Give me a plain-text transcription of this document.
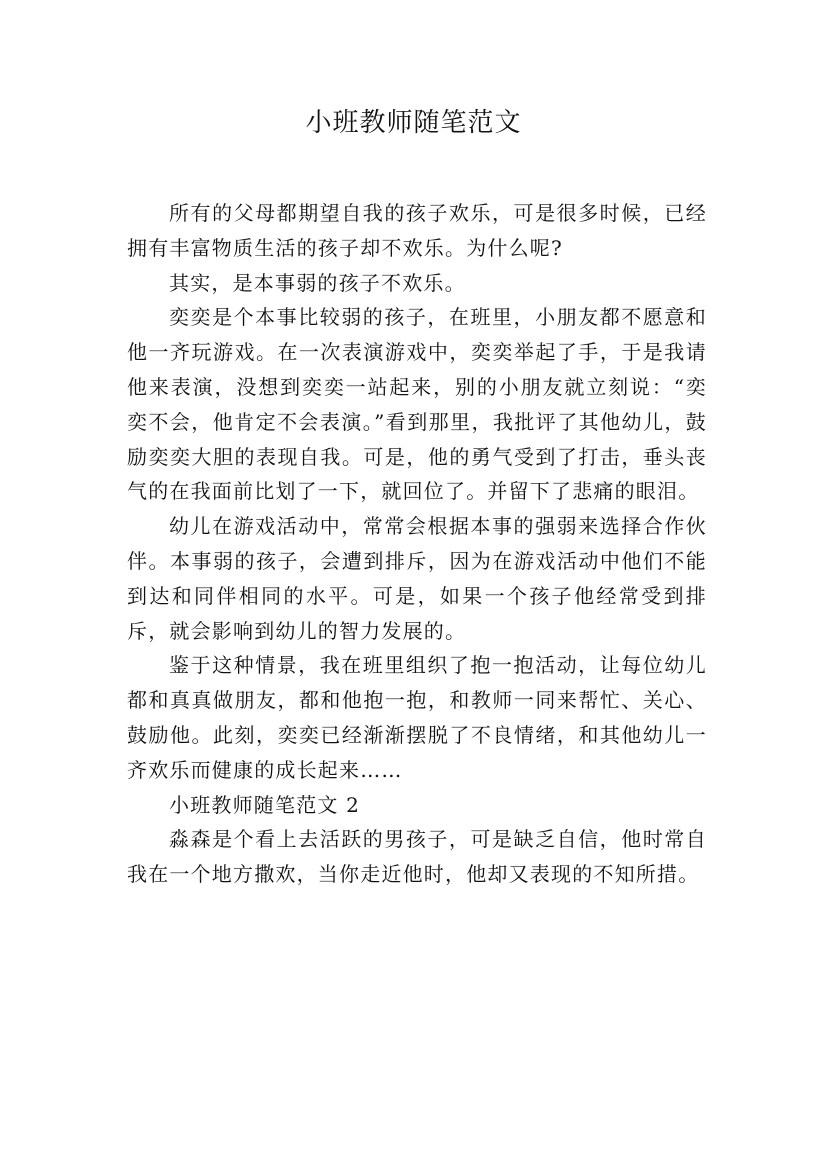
小班教师随笔范文

所有的父母都期望自我的孩子欢乐，可是很多时候，已经拥有丰富物质生活的孩子却不欢乐。为什么呢?

其实，是本事弱的孩子不欢乐。

奕奕是个本事比较弱的孩子，在班里，小朋友都不愿意和他一齐玩游戏。在一次表演游戏中，奕奕举起了手，于是我请他来表演，没想到奕奕一站起来，别的小朋友就立刻说：“奕奕不会，他肯定不会表演。”看到那里，我批评了其他幼儿，鼓励奕奕大胆的表现自我。可是，他的勇气受到了打击，垂头丧气的在我面前比划了一下，就回位了。并留下了悲痛的眼泪。

幼儿在游戏活动中，常常会根据本事的强弱来选择合作伙伴。本事弱的孩子，会遭到排斥，因为在游戏活动中他们不能到达和同伴相同的水平。可是，如果一个孩子他经常受到排斥，就会影响到幼儿的智力发展的。

鉴于这种情景，我在班里组织了抱一抱活动，让每位幼儿都和真真做朋友，都和他抱一抱，和教师一同来帮忙、关心、鼓励他。此刻，奕奕已经渐渐摆脱了不良情绪，和其他幼儿一齐欢乐而健康的成长起来……

小班教师随笔范文 2

淼森是个看上去活跃的男孩子，可是缺乏自信，他时常自我在一个地方撒欢，当你走近他时，他却又表现的不知所措。
